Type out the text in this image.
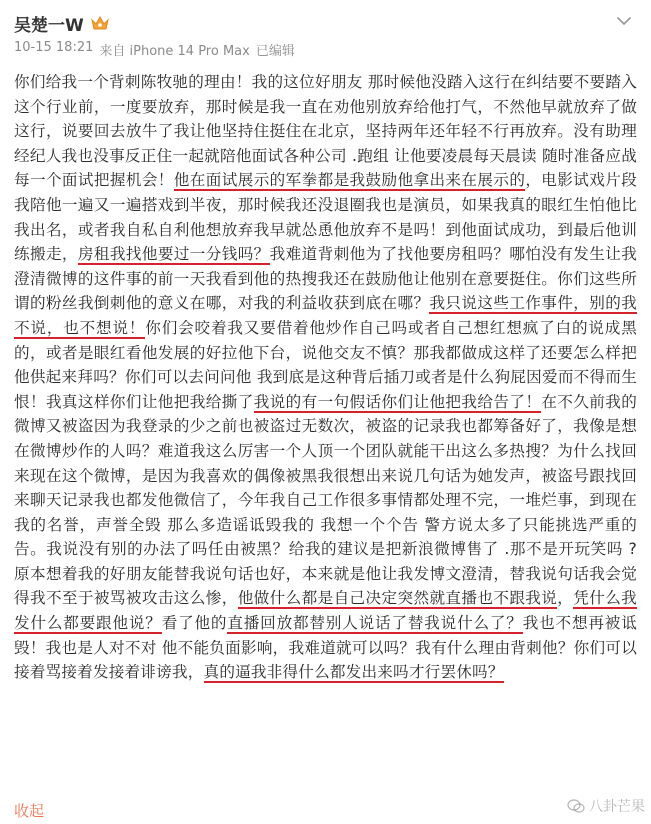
吴楚一W
10-15 18:21 来自 iPhone 14 Pro Max 已编辑
你们给我一个背刺陈牧驰的理由！我的这位好朋友 那时候他没踏入这行在纠结要不要踏入这个行业前，一度要放弃，那时候是我一直在劝他别放弃给他打气，不然他早就放弃了做这行，说要回去放牛了我让他坚持住挺住在北京，坚持两年还年轻不行再放弃。没有助理经纪人我也没事反正住一起就陪他面试各种公司 .跑组 让他要凌晨每天晨读 随时准备应战每一个面试把握机会！他在面试展示的军拳都是我鼓励他拿出来在展示的，电影试戏片段 我陪他一遍又一遍搭戏到半夜，那时候我还没退圈我也是演员，如果我真的眼红生怕他比我出名，或者我自私自利他想放弃我早就怂恿他放弃不是吗！到他面试成功，到最后他训练搬走，房租我找他要过一分钱吗？我难道背刺他为了找他要房租吗？哪怕没有发生让我澄清微博的这件事的前一天我看到他的热搜我还在鼓励他让他别在意要挺住。你们这些所谓的粉丝我倒刺他的意义在哪，对我的利益收获到底在哪？我只说这些工作事件，别的我不说，也不想说！你们会咬着我又要借着他炒作自己吗或者自己想红想疯了白的说成黑的，或者是眼红看他发展的好拉他下台，说他交友不慎？那我都做成这样了还要怎么样把他供起来拜吗？你们可以去问问他 我到底是这种背后插刀或者是什么狗屁因爱而不得而生恨！我真这样你们让他把我给撕了我说的有一句假话你们让他把我给告了！在不久前我的微博又被盗因为我登录的少之前也被盗过无数次，被盗的记录我也都筹备好了，我像是想在微博炒作的人吗？难道我这么厉害一个人顶一个团队就能干出这么多热搜？为什么找回来现在这个微博，是因为我喜欢的偶像被黑我很想出来说几句话为她发声，被盗号跟找回来聊天记录我也都发他微信了，今年我自己工作很多事情都处理不完，一堆烂事，到现在我的名誉，声誉全毁 那么多造谣诋毁我的 我想一个个告 警方说太多了只能挑选严重的告。我说没有别的办法了吗任由被黑？给我的建议是把新浪微博售了 .那不是开玩笑吗 ?原本想着我的好朋友能替我说句话也好，本来就是他让我发博文澄清，替我说句话我会觉得我不至于被骂被攻击这么惨，他做什么都是自己决定突然就直播也不跟我说，凭什么我发什么都要跟他说？看了他的直播回放都替别人说话了替我说什么了？我也不想再被诋毁！我也是人对不对 他不能负面影响，我难道就可以吗？我有什么理由背刺他？你们可以接着骂接着发接着诽谤我，真的逼我非得什么都发出来吗才行罢休吗？
收起	八卦芒果
